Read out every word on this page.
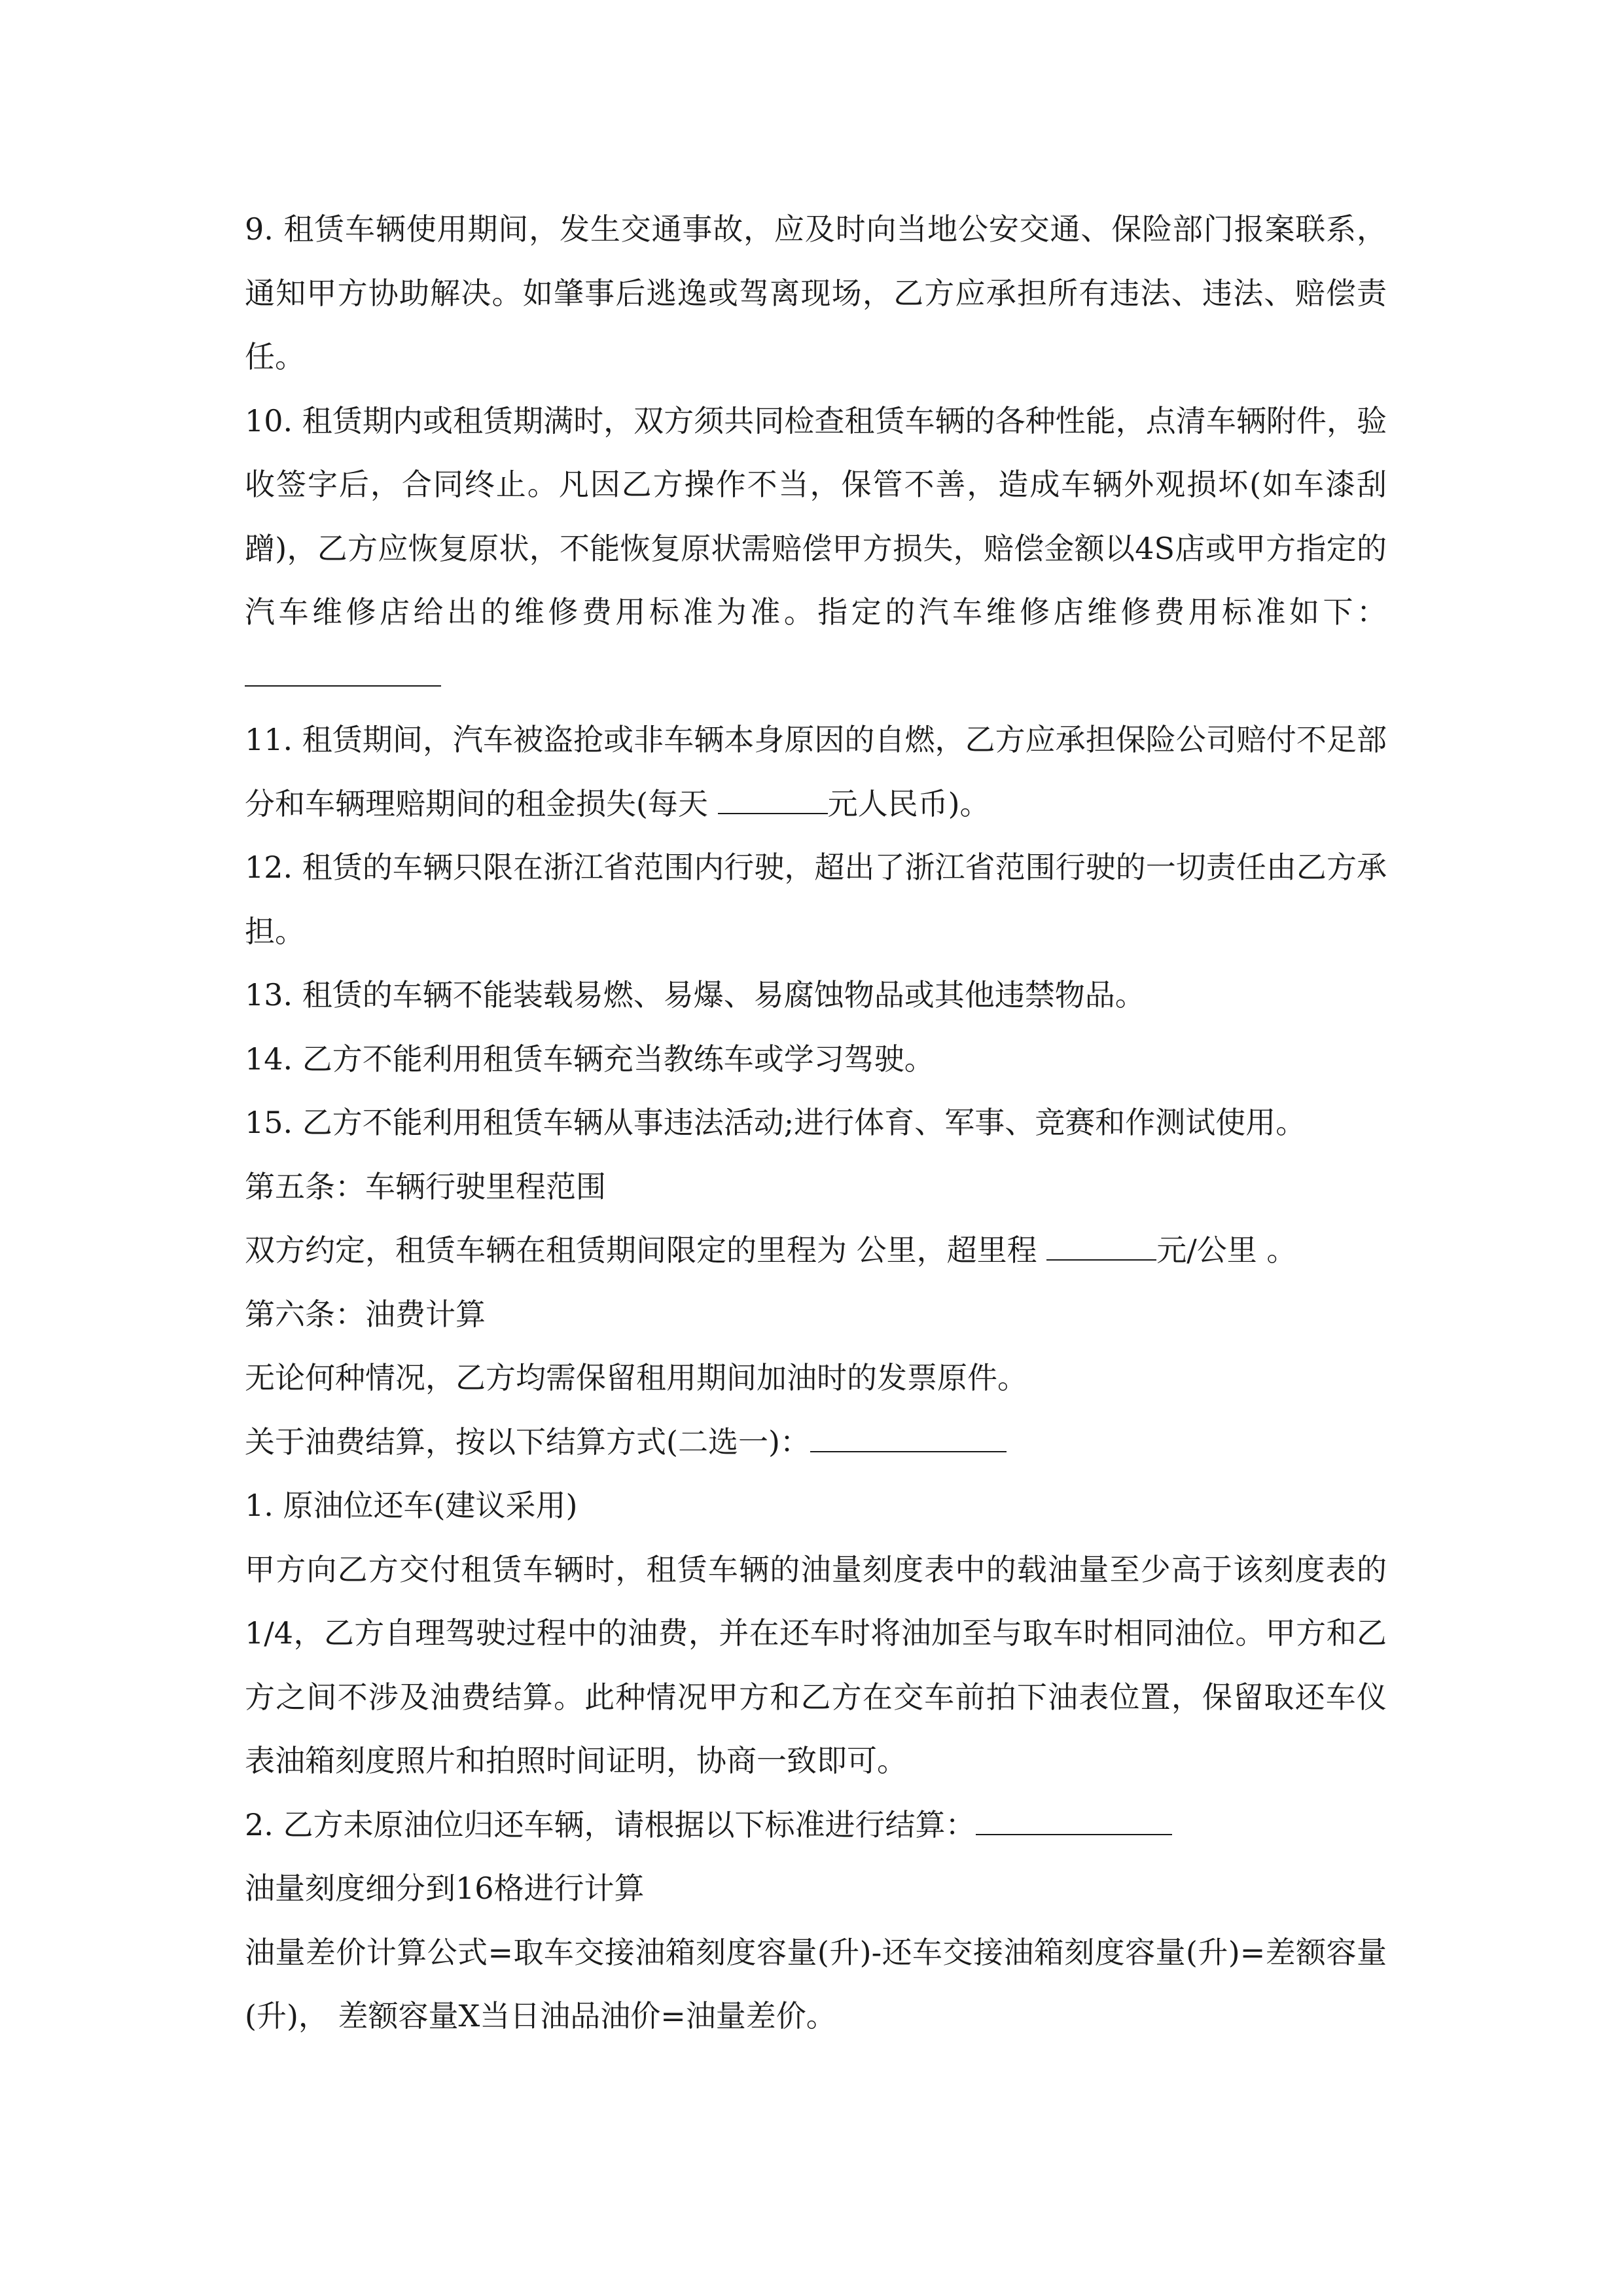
9. 租赁车辆使用期间，发生交通事故，应及时向当地公安交通、保险部门报案联系，通知甲方协助解决。如肇事后逃逸或驾离现场，乙方应承担所有违法、违法、赔偿责任。

10. 租赁期内或租赁期满时，双方须共同检查租赁车辆的各种性能，点清车辆附件，验收签字后，合同终止。凡因乙方操作不当，保管不善，造成车辆外观损坏(如车漆刮蹭)，乙方应恢复原状，不能恢复原状需赔偿甲方损失，赔偿金额以4S店或甲方指定的汽车维修店给出的维修费用标准为准。指定的汽车维修店维修费用标准如下：

11. 租赁期间，汽车被盗抢或非车辆本身原因的自燃，乙方应承担保险公司赔付不足部分和车辆理赔期间的租金损失(每天	元人民币)。

12. 租赁的车辆只限在浙江省范围内行驶，超出了浙江省范围行驶的一切责任由乙方承担。

13. 租赁的车辆不能装载易燃、易爆、易腐蚀物品或其他违禁物品。

14. 乙方不能利用租赁车辆充当教练车或学习驾驶。

15. 乙方不能利用租赁车辆从事违法活动;进行体育、军事、竞赛和作测试使用。

第五条：车辆行驶里程范围

双方约定，租赁车辆在租赁期间限定的里程为 公里，超里程	元/公里 。

第六条：油费计算

无论何种情况，乙方均需保留租用期间加油时的发票原件。

关于油费结算，按以下结算方式(二选一)：

1. 原油位还车(建议采用)

甲方向乙方交付租赁车辆时，租赁车辆的油量刻度表中的载油量至少高于该刻度表的1/4，乙方自理驾驶过程中的油费，并在还车时将油加至与取车时相同油位。甲方和乙方之间不涉及油费结算。此种情况甲方和乙方在交车前拍下油表位置，保留取还车仪表油箱刻度照片和拍照时间证明，协商一致即可。

2. 乙方未原油位归还车辆，请根据以下标准进行结算：

油量刻度细分到16格进行计算

油量差价计算公式=取车交接油箱刻度容量(升)-还车交接油箱刻度容量(升)=差额容量(升)， 差额容量X当日油品油价=油量差价。
